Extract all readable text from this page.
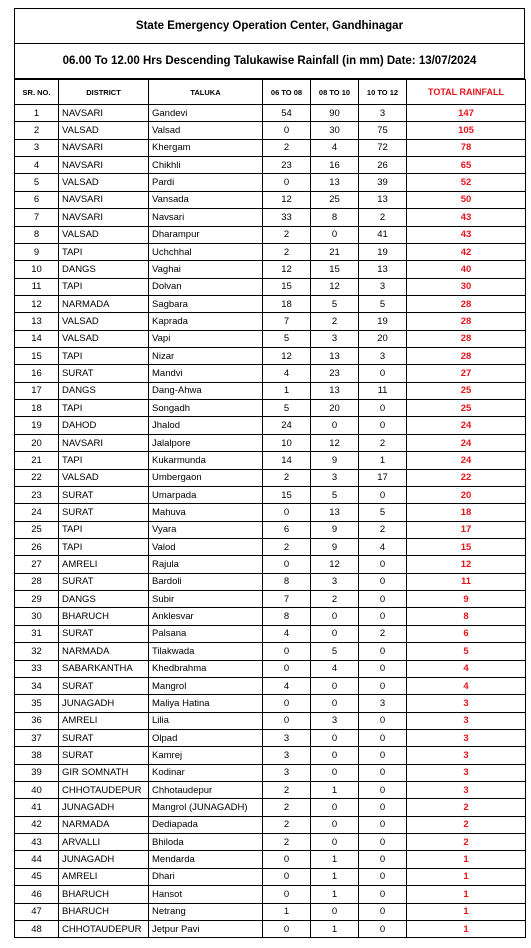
State Emergency Operation Center, Gandhinagar
06.00 To 12.00 Hrs Descending Talukawise Rainfall (in mm) Date: 13/07/2024
SR. NO.	DISTRICT	TALUKA	06 TO 08	08 TO 10	10 TO 12	TOTAL RAINFALL
1	NAVSARI	Gandevi	54	90	3	147
2	VALSAD	Valsad	0	30	75	105
3	NAVSARI	Khergam	2	4	72	78
4	NAVSARI	Chikhli	23	16	26	65
5	VALSAD	Pardi	0	13	39	52
6	NAVSARI	Vansada	12	25	13	50
7	NAVSARI	Navsari	33	8	2	43
8	VALSAD	Dharampur	2	0	41	43
9	TAPI	Uchchhal	2	21	19	42
10	DANGS	Vaghai	12	15	13	40
11	TAPI	Dolvan	15	12	3	30
12	NARMADA	Sagbara	18	5	5	28
13	VALSAD	Kaprada	7	2	19	28
14	VALSAD	Vapi	5	3	20	28
15	TAPI	Nizar	12	13	3	28
16	SURAT	Mandvi	4	23	0	27
17	DANGS	Dang-Ahwa	1	13	11	25
18	TAPI	Songadh	5	20	0	25
19	DAHOD	Jhalod	24	0	0	24
20	NAVSARI	Jalalpore	10	12	2	24
21	TAPI	Kukarmunda	14	9	1	24
22	VALSAD	Umbergaon	2	3	17	22
23	SURAT	Umarpada	15	5	0	20
24	SURAT	Mahuva	0	13	5	18
25	TAPI	Vyara	6	9	2	17
26	TAPI	Valod	2	9	4	15
27	AMRELI	Rajula	0	12	0	12
28	SURAT	Bardoli	8	3	0	11
29	DANGS	Subir	7	2	0	9
30	BHARUCH	Anklesvar	8	0	0	8
31	SURAT	Palsana	4	0	2	6
32	NARMADA	Tilakwada	0	5	0	5
33	SABARKANTHA	Khedbrahma	0	4	0	4
34	SURAT	Mangrol	4	0	0	4
35	JUNAGADH	Maliya Hatina	0	0	3	3
36	AMRELI	Lilia	0	3	0	3
37	SURAT	Olpad	3	0	0	3
38	SURAT	Kamrej	3	0	0	3
39	GIR SOMNATH	Kodinar	3	0	0	3
40	CHHOTAUDEPUR	Chhotaudepur	2	1	0	3
41	JUNAGADH	Mangrol (JUNAGADH)	2	0	0	2
42	NARMADA	Dediapada	2	0	0	2
43	ARVALLI	Bhiloda	2	0	0	2
44	JUNAGADH	Mendarda	0	1	0	1
45	AMRELI	Dhari	0	1	0	1
46	BHARUCH	Hansot	0	1	0	1
47	BHARUCH	Netrang	1	0	0	1
48	CHHOTAUDEPUR	Jetpur Pavi	0	1	0	1
